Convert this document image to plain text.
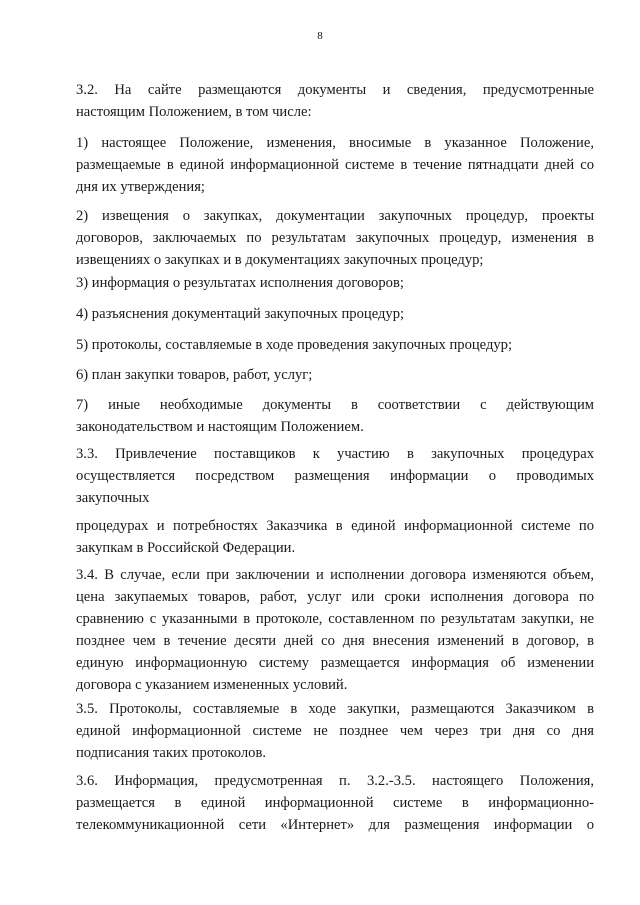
8
3.2. На сайте размещаются документы и сведения, предусмотренные
настоящим Положением, в том числе:
1) настоящее Положение, изменения, вносимые в указанное Положение,
размещаемые в единой информационной системе в течение пятнадцати дней со
дня их утверждения;
2) извещения о закупках, документации закупочных процедур, проекты
договоров, заключаемых по результатам закупочных процедур, изменения в
извещениях о закупках и в документациях закупочных процедур;
3) информация о результатах исполнения договоров;
4) разъяснения документаций закупочных процедур;
5) протоколы, составляемые в ходе проведения закупочных процедур;
6) план закупки товаров, работ, услуг;
7) иные необходимые документы в соответствии с действующим
законодательством и настоящим Положением.
3.3. Привлечение поставщиков к участию в закупочных процедурах
осуществляется посредством размещения информации о проводимых
закупочных
процедурах и потребностях Заказчика в единой информационной системе по
закупкам в Российской Федерации.
3.4. В случае, если при заключении и исполнении договора изменяются объем,
цена закупаемых товаров, работ, услуг или сроки исполнения договора по
сравнению с указанными в протоколе, составленном по результатам закупки, не
позднее чем в течение десяти дней со дня внесения изменений в договор, в
единую информационную систему размещается информация об изменении
договора с указанием измененных условий.
3.5. Протоколы, составляемые в ходе закупки, размещаются Заказчиком в
единой информационной системе не позднее чем через три дня со дня
подписания таких протоколов.
3.6. Информация, предусмотренная п. 3.2.-3.5. настоящего Положения,
размещается в единой информационной системе в информационно-
телекоммуникационной сети «Интернет» для размещения информации о
